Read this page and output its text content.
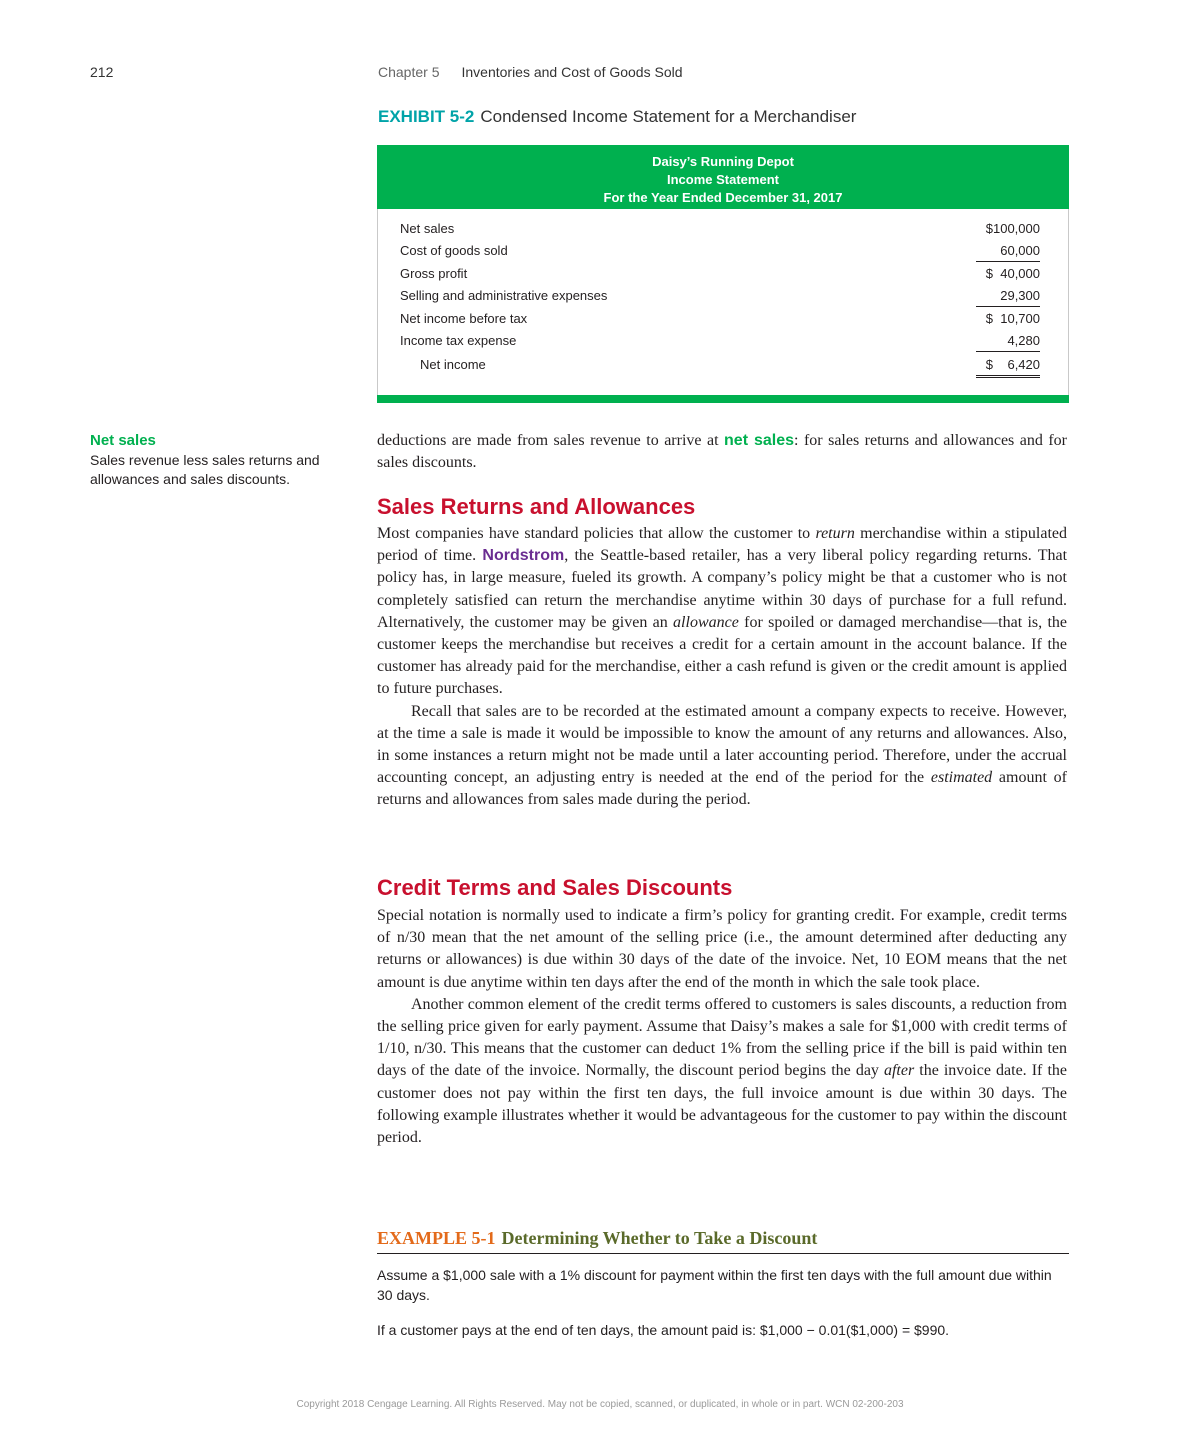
212	Chapter 5 Inventories and Cost of Goods Sold
EXHIBIT 5-2 Condensed Income Statement for a Merchandiser
Daisy’s Running Depot
Income Statement
For the Year Ended December 31, 2017
Net sales	$100,000
Cost of goods sold	60,000
Gross profit	$  40,000
Selling and administrative expenses	29,300
Net income before tax	$  10,700
Income tax expense	4,280
Net income	$    6,420
Net sales
Sales revenue less sales returns and allowances and sales discounts.

deductions are made from sales revenue to arrive at net sales: for sales returns and allowances and for sales discounts.

Sales Returns and Allowances

Most companies have standard policies that allow the customer to return merchandise within a stipulated period of time. Nordstrom, the Seattle-based retailer, has a very liberal policy regarding returns. That policy has, in large measure, fueled its growth. A company’s policy might be that a customer who is not completely satisfied can return the merchandise anytime within 30 days of purchase for a full refund. Alternatively, the customer may be given an allowance for spoiled or damaged merchandise—that is, the customer keeps the merchandise but receives a credit for a certain amount in the account balance. If the customer has already paid for the merchandise, either a cash refund is given or the credit amount is applied to future purchases.

Recall that sales are to be recorded at the estimated amount a company expects to receive. However, at the time a sale is made it would be impossible to know the amount of any returns and allowances. Also, in some instances a return might not be made until a later accounting period. Therefore, under the accrual accounting concept, an adjusting entry is needed at the end of the period for the estimated amount of returns and allowances from sales made during the period.

Credit Terms and Sales Discounts

Special notation is normally used to indicate a firm’s policy for granting credit. For example, credit terms of n/30 mean that the net amount of the selling price (i.e., the amount determined after deducting any returns or allowances) is due within 30 days of the date of the invoice. Net, 10 EOM means that the net amount is due anytime within ten days after the end of the month in which the sale took place.

Another common element of the credit terms offered to customers is sales discounts, a reduction from the selling price given for early payment. Assume that Daisy’s makes a sale for $1,000 with credit terms of 1/10, n/30. This means that the customer can deduct 1% from the selling price if the bill is paid within ten days of the date of the invoice. Normally, the discount period begins the day after the invoice date. If the customer does not pay within the first ten days, the full invoice amount is due within 30 days. The following example illustrates whether it would be advantageous for the customer to pay within the discount period.

EXAMPLE 5-1 Determining Whether to Take a Discount
Assume a $1,000 sale with a 1% discount for payment within the first ten days with the full amount due within 30 days.
If a customer pays at the end of ten days, the amount paid is: $1,000 − 0.01($1,000) = $990.
Copyright 2018 Cengage Learning. All Rights Reserved. May not be copied, scanned, or duplicated, in whole or in part. WCN 02-200-203
